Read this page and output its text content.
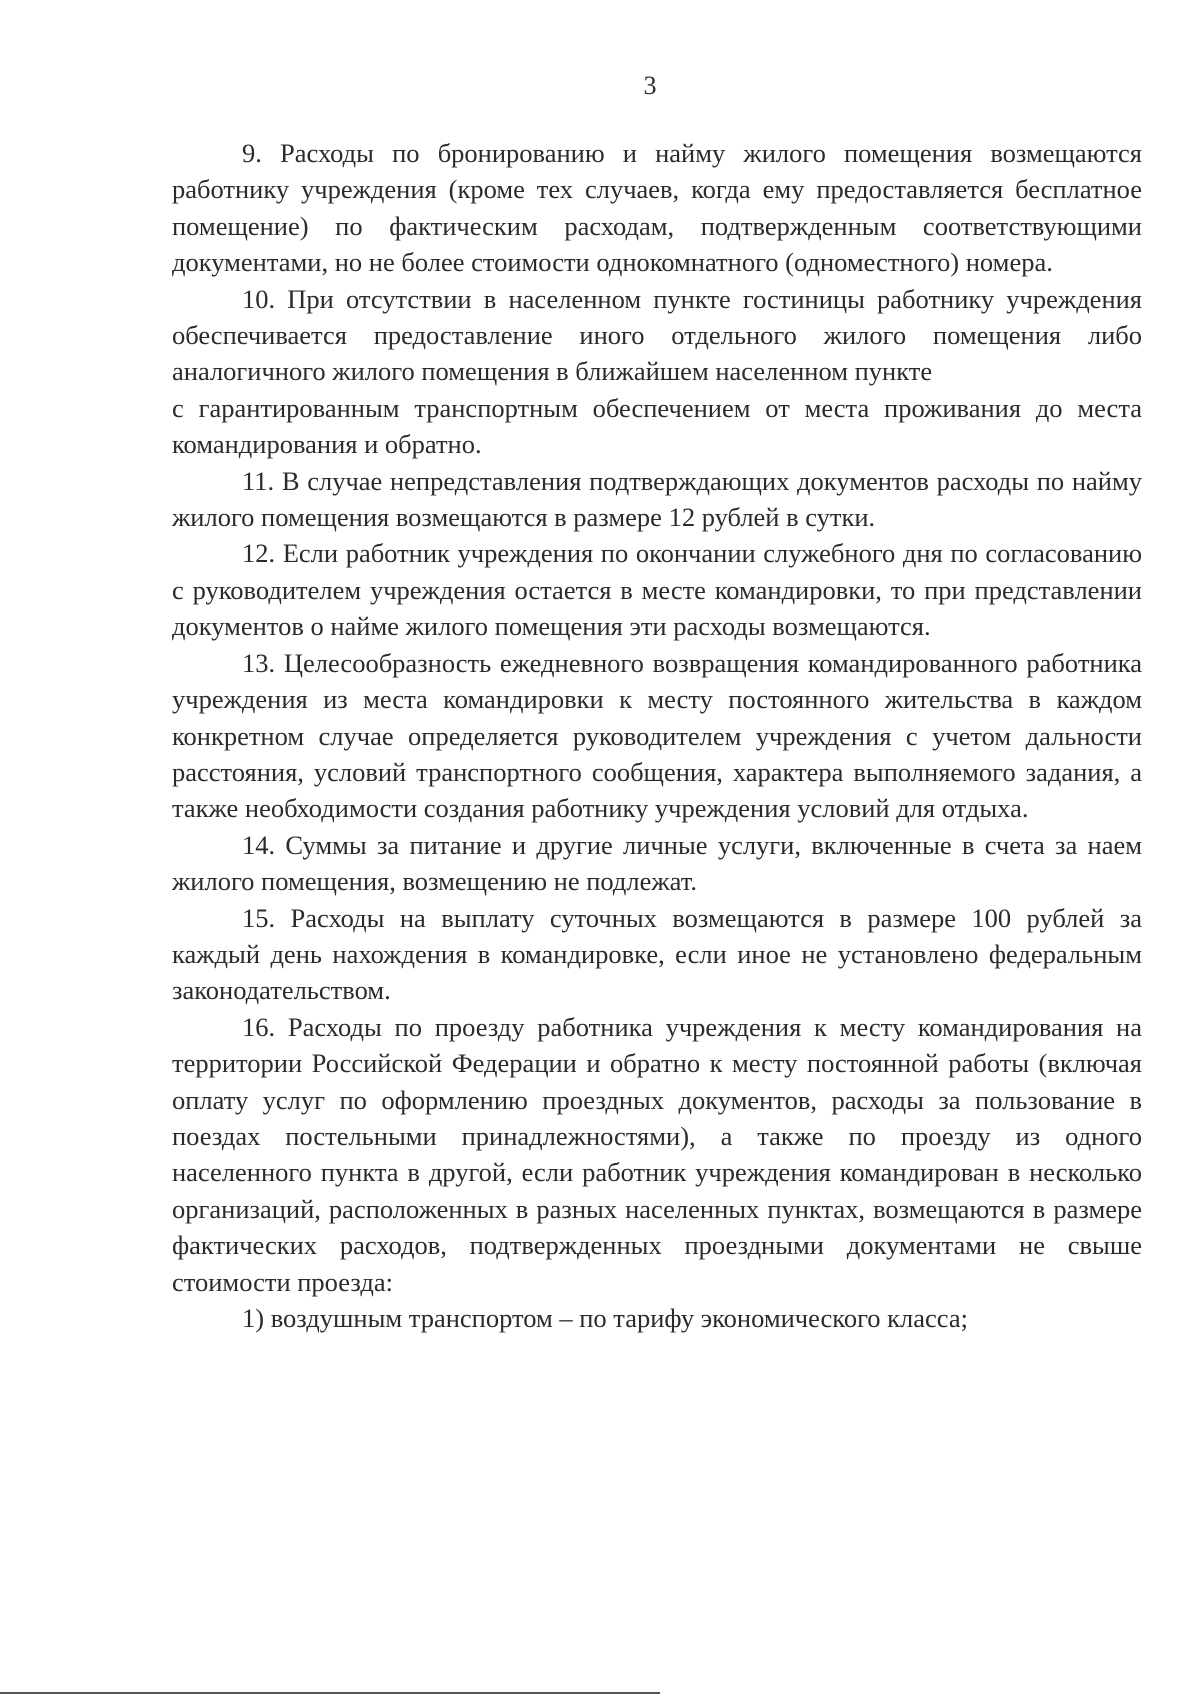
3

9. Расходы по бронированию и найму жилого помещения возмещаются работнику учреждения (кроме тех случаев, когда ему предоставляется бесплатное помещение) по фактическим расходам, подтвержденным соответствующими документами, но не более стоимости однокомнатного (одноместного) номера.

10. При отсутствии в населенном пункте гостиницы работнику учреждения обеспечивается предоставление иного отдельного жилого помещения либо аналогичного жилого помещения в ближайшем населенном пункте

с гарантированным транспортным обеспечением от места проживания до места командирования и обратно.

11. В случае непредставления подтверждающих документов расходы по найму жилого помещения возмещаются в размере 12 рублей в сутки.

12. Если работник учреждения по окончании служебного дня по согласованию с руководителем учреждения остается в месте командировки, то при представлении документов о найме жилого помещения эти расходы возмещаются.

13. Целесообразность ежедневного возвращения командированного работника учреждения из места командировки к месту постоянного жительства в каждом конкретном случае определяется руководителем учреждения с учетом дальности расстояния, условий транспортного сообщения, характера выполняемого задания, а также необходимости создания работнику учреждения условий для отдыха.

14. Суммы за питание и другие личные услуги, включенные в счета за наем жилого помещения, возмещению не подлежат.

15. Расходы на выплату суточных возмещаются в размере 100 рублей за каждый день нахождения в командировке, если иное не установлено федеральным законодательством.

16. Расходы по проезду работника учреждения к месту командирования на территории Российской Федерации и обратно к месту постоянной работы (включая оплату услуг по оформлению проездных документов, расходы за пользование в поездах постельными принадлежностями), а также по проезду из одного населенного пункта в другой, если работник учреждения командирован в несколько организаций, расположенных в разных населенных пунктах, возмещаются в размере фактических расходов, подтвержденных проездными документами не свыше стоимости проезда:

1) воздушным транспортом – по тарифу экономического класса;
